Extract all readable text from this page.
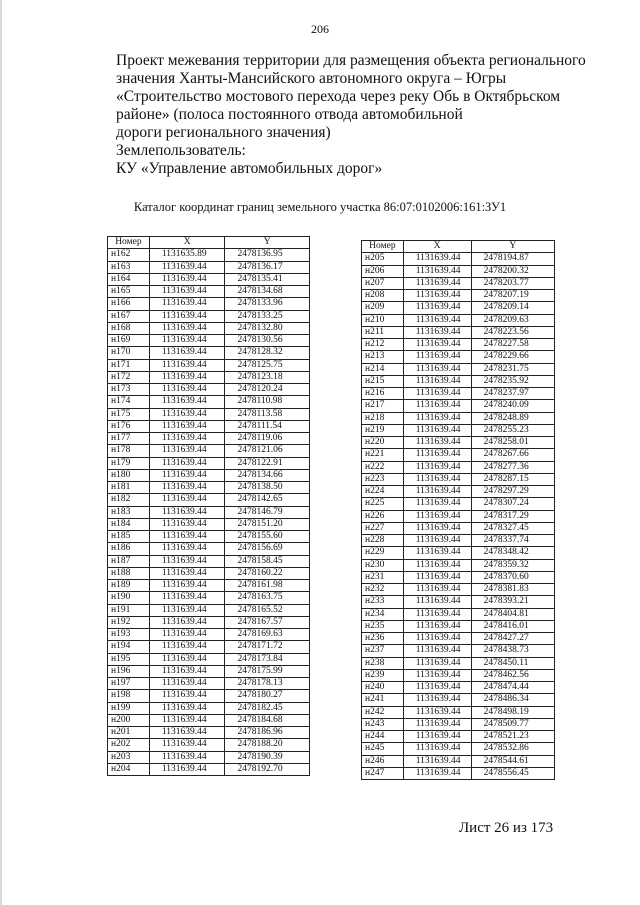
206
Проект межевания территории для размещения объекта регионального
значения Ханты-Мансийского автономного округа – Югры
«Строительство мостового перехода через реку Обь в Октябрьском
районе» (полоса постоянного отвода автомобильной
дороги регионального значения)
Землепользователь:
КУ «Управление автомобильных дорог»
Каталог координат границ земельного участка 86:07:0102006:161:ЗУ1
Номер	X	Y
н162	1131635.89	2478136.95
н163	1131639.44	2478136.17
н164	1131639.44	2478135.41
н165	1131639.44	2478134.68
н166	1131639.44	2478133.96
н167	1131639.44	2478133.25
н168	1131639.44	2478132.80
н169	1131639.44	2478130.56
н170	1131639.44	2478128.32
н171	1131639.44	2478125.75
н172	1131639.44	2478123.18
н173	1131639.44	2478120.24
н174	1131639.44	2478110.98
н175	1131639.44	2478113.58
н176	1131639.44	2478111.54
н177	1131639.44	2478119.06
н178	1131639.44	2478121.06
н179	1131639.44	2478122.91
н180	1131639.44	2478134.66
н181	1131639.44	2478138.50
н182	1131639.44	2478142.65
н183	1131639.44	2478146.79
н184	1131639.44	2478151.20
н185	1131639.44	2478155.60
н186	1131639.44	2478156.69
н187	1131639.44	2478158.45
н188	1131639.44	2478160.22
н189	1131639.44	2478161.98
н190	1131639.44	2478163.75
н191	1131639.44	2478165.52
н192	1131639.44	2478167.57
н193	1131639.44	2478169.63
н194	1131639.44	2478171.72
н195	1131639.44	2478173.84
н196	1131639.44	2478175.99
н197	1131639.44	2478178.13
н198	1131639.44	2478180.27
н199	1131639.44	2478182.45
н200	1131639.44	2478184.68
н201	1131639.44	2478186.96
н202	1131639.44	2478188.20
н203	1131639.44	2478190.39
н204	1131639.44	2478192.70
Номер	X	Y
н205	1131639.44	2478194.87
н206	1131639.44	2478200.32
н207	1131639.44	2478203.77
н208	1131639.44	2478207.19
н209	1131639.44	2478209.14
н210	1131639.44	2478209.63
н211	1131639.44	2478223.56
н212	1131639.44	2478227.58
н213	1131639.44	2478229.66
н214	1131639.44	2478231.75
н215	1131639.44	2478235.92
н216	1131639.44	2478237.97
н217	1131639.44	2478240.09
н218	1131639.44	2478248.89
н219	1131639.44	2478255.23
н220	1131639.44	2478258.01
н221	1131639.44	2478267.66
н222	1131639.44	2478277.36
н223	1131639.44	2478287.15
н224	1131639.44	2478297.29
н225	1131639.44	2478307.24
н226	1131639.44	2478317.29
н227	1131639.44	2478327.45
н228	1131639.44	2478337.74
н229	1131639.44	2478348.42
н230	1131639.44	2478359.32
н231	1131639.44	2478370.60
н232	1131639.44	2478381.83
н233	1131639.44	2478393.21
н234	1131639.44	2478404.81
н235	1131639.44	2478416.01
н236	1131639.44	2478427.27
н237	1131639.44	2478438.73
н238	1131639.44	2478450.11
н239	1131639.44	2478462.56
н240	1131639.44	2478474.44
н241	1131639.44	2478486.34
н242	1131639.44	2478498.19
н243	1131639.44	2478509.77
н244	1131639.44	2478521.23
н245	1131639.44	2478532.86
н246	1131639.44	2478544.61
н247	1131639.44	2478556.45
Лист 26 из 173
